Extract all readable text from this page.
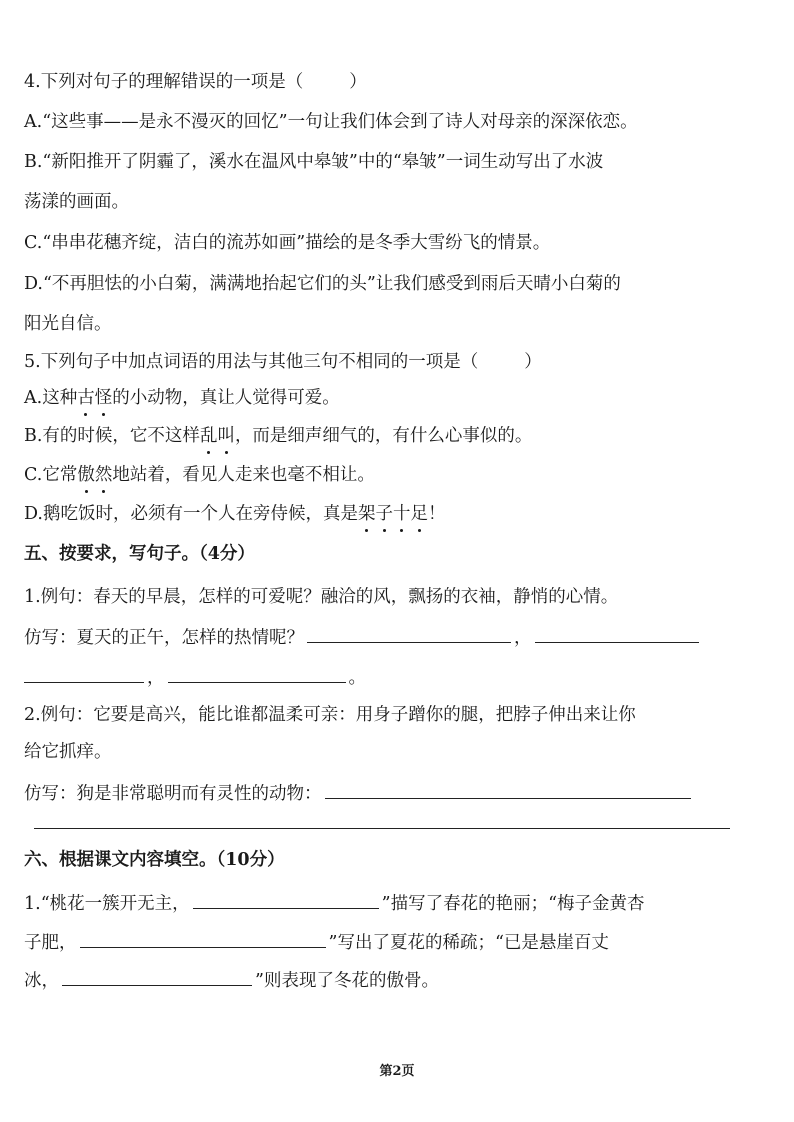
4.下列对句子的理解错误的一项是（	）
A.“这些事——是永不漫灭的回忆”一句让我们体会到了诗人对母亲的深深依恋。
B.“新阳推开了阴霾了，溪水在温风中皋皱”中的“皋皱”一词生动写出了水波
荡漾的画面。
C.“串串花穗齐绽，洁白的流苏如画”描绘的是冬季大雪纷飞的情景。
D.“不再胆怯的小白菊，满满地抬起它们的头”让我们感受到雨后天晴小白菊的
阳光自信。
5.下列句子中加点词语的用法与其他三句不相同的一项是（	）
A.这种古怪的小动物，真让人觉得可爱。
B.有的时候，它不这样乱叫，而是细声细气的，有什么心事似的。
C.它常傲然地站着，看见人走来也毫不相让。
D.鹅吃饭时，必须有一个人在旁侍候，真是架子十足！
五、按要求，写句子。（4分）
1.例句：春天的早晨，怎样的可爱呢？融洽的风，飘扬的衣袖，静悄的心情。
仿写：夏天的正午，怎样的热情呢？	，
，	。
2.例句：它要是高兴，能比谁都温柔可亲：用身子蹭你的腿，把脖子伸出来让你
给它抓痒。
仿写：狗是非常聪明而有灵性的动物：
六、根据课文内容填空。（10分）
1.“桃花一簇开无主，	”描写了春花的艳丽；“梅子金黄杏
子肥，	”写出了夏花的稀疏；“已是悬崖百丈
冰，	”则表现了冬花的傲骨。
第2页
